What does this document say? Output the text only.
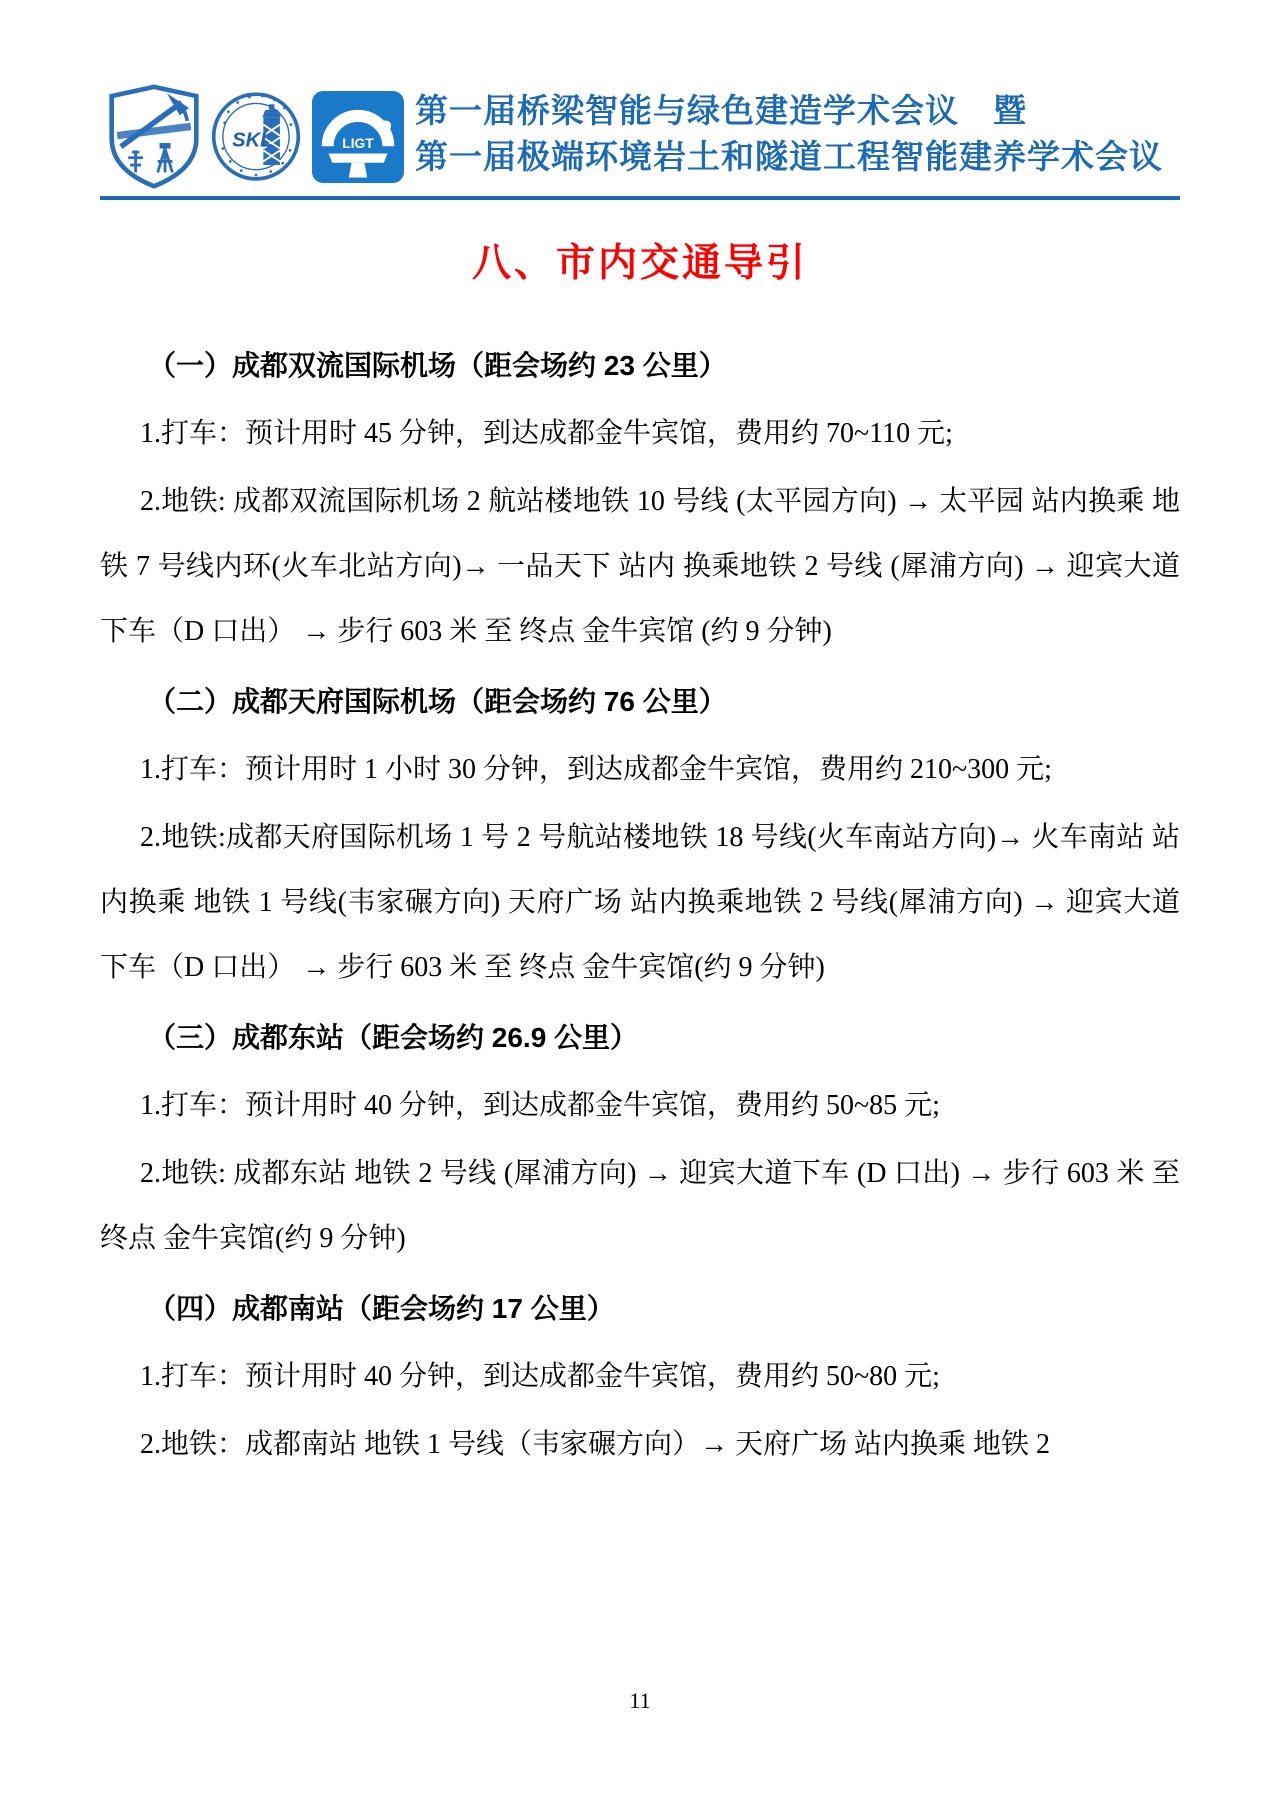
SKL	LIGT
第一届桥梁智能与绿色建造学术会议　暨
第一届极端环境岩土和隧道工程智能建养学术会议
八、市内交通导引
（一）成都双流国际机场（距会场约 23 公里）
1.打车：预计用时 45 分钟，到达成都金牛宾馆，费用约 70~110 元;
2.地铁: 成都双流国际机场 2 航站楼地铁 10 号线 (太平园方向) → 太平园 站内换乘 地铁 7 号线内环(火车北站方向)→ 一品天下 站内 换乘地铁 2 号线 (犀浦方向) → 迎宾大道 下车（D 口出） → 步行 603 米 至 终点 金牛宾馆 (约 9 分钟)
（二）成都天府国际机场（距会场约 76 公里）
1.打车：预计用时 1 小时 30 分钟，到达成都金牛宾馆，费用约 210~300 元;
2.地铁:成都天府国际机场 1 号 2 号航站楼地铁 18 号线(火车南站方向)→ 火车南站 站内换乘 地铁 1 号线(韦家碾方向) 天府广场 站内换乘地铁 2 号线(犀浦方向) → 迎宾大道 下车（D 口出） → 步行 603 米 至 终点 金牛宾馆(约 9 分钟)
（三）成都东站（距会场约 26.9 公里）
1.打车：预计用时 40 分钟，到达成都金牛宾馆，费用约 50~85 元;
2.地铁: 成都东站 地铁 2 号线 (犀浦方向) → 迎宾大道下车 (D 口出) → 步行 603 米 至 终点 金牛宾馆(约 9 分钟)
（四）成都南站（距会场约 17 公里）
1.打车：预计用时 40 分钟，到达成都金牛宾馆，费用约 50~80 元;
2.地铁：成都南站 地铁 1 号线（韦家碾方向）→ 天府广场 站内换乘 地铁 2
11
